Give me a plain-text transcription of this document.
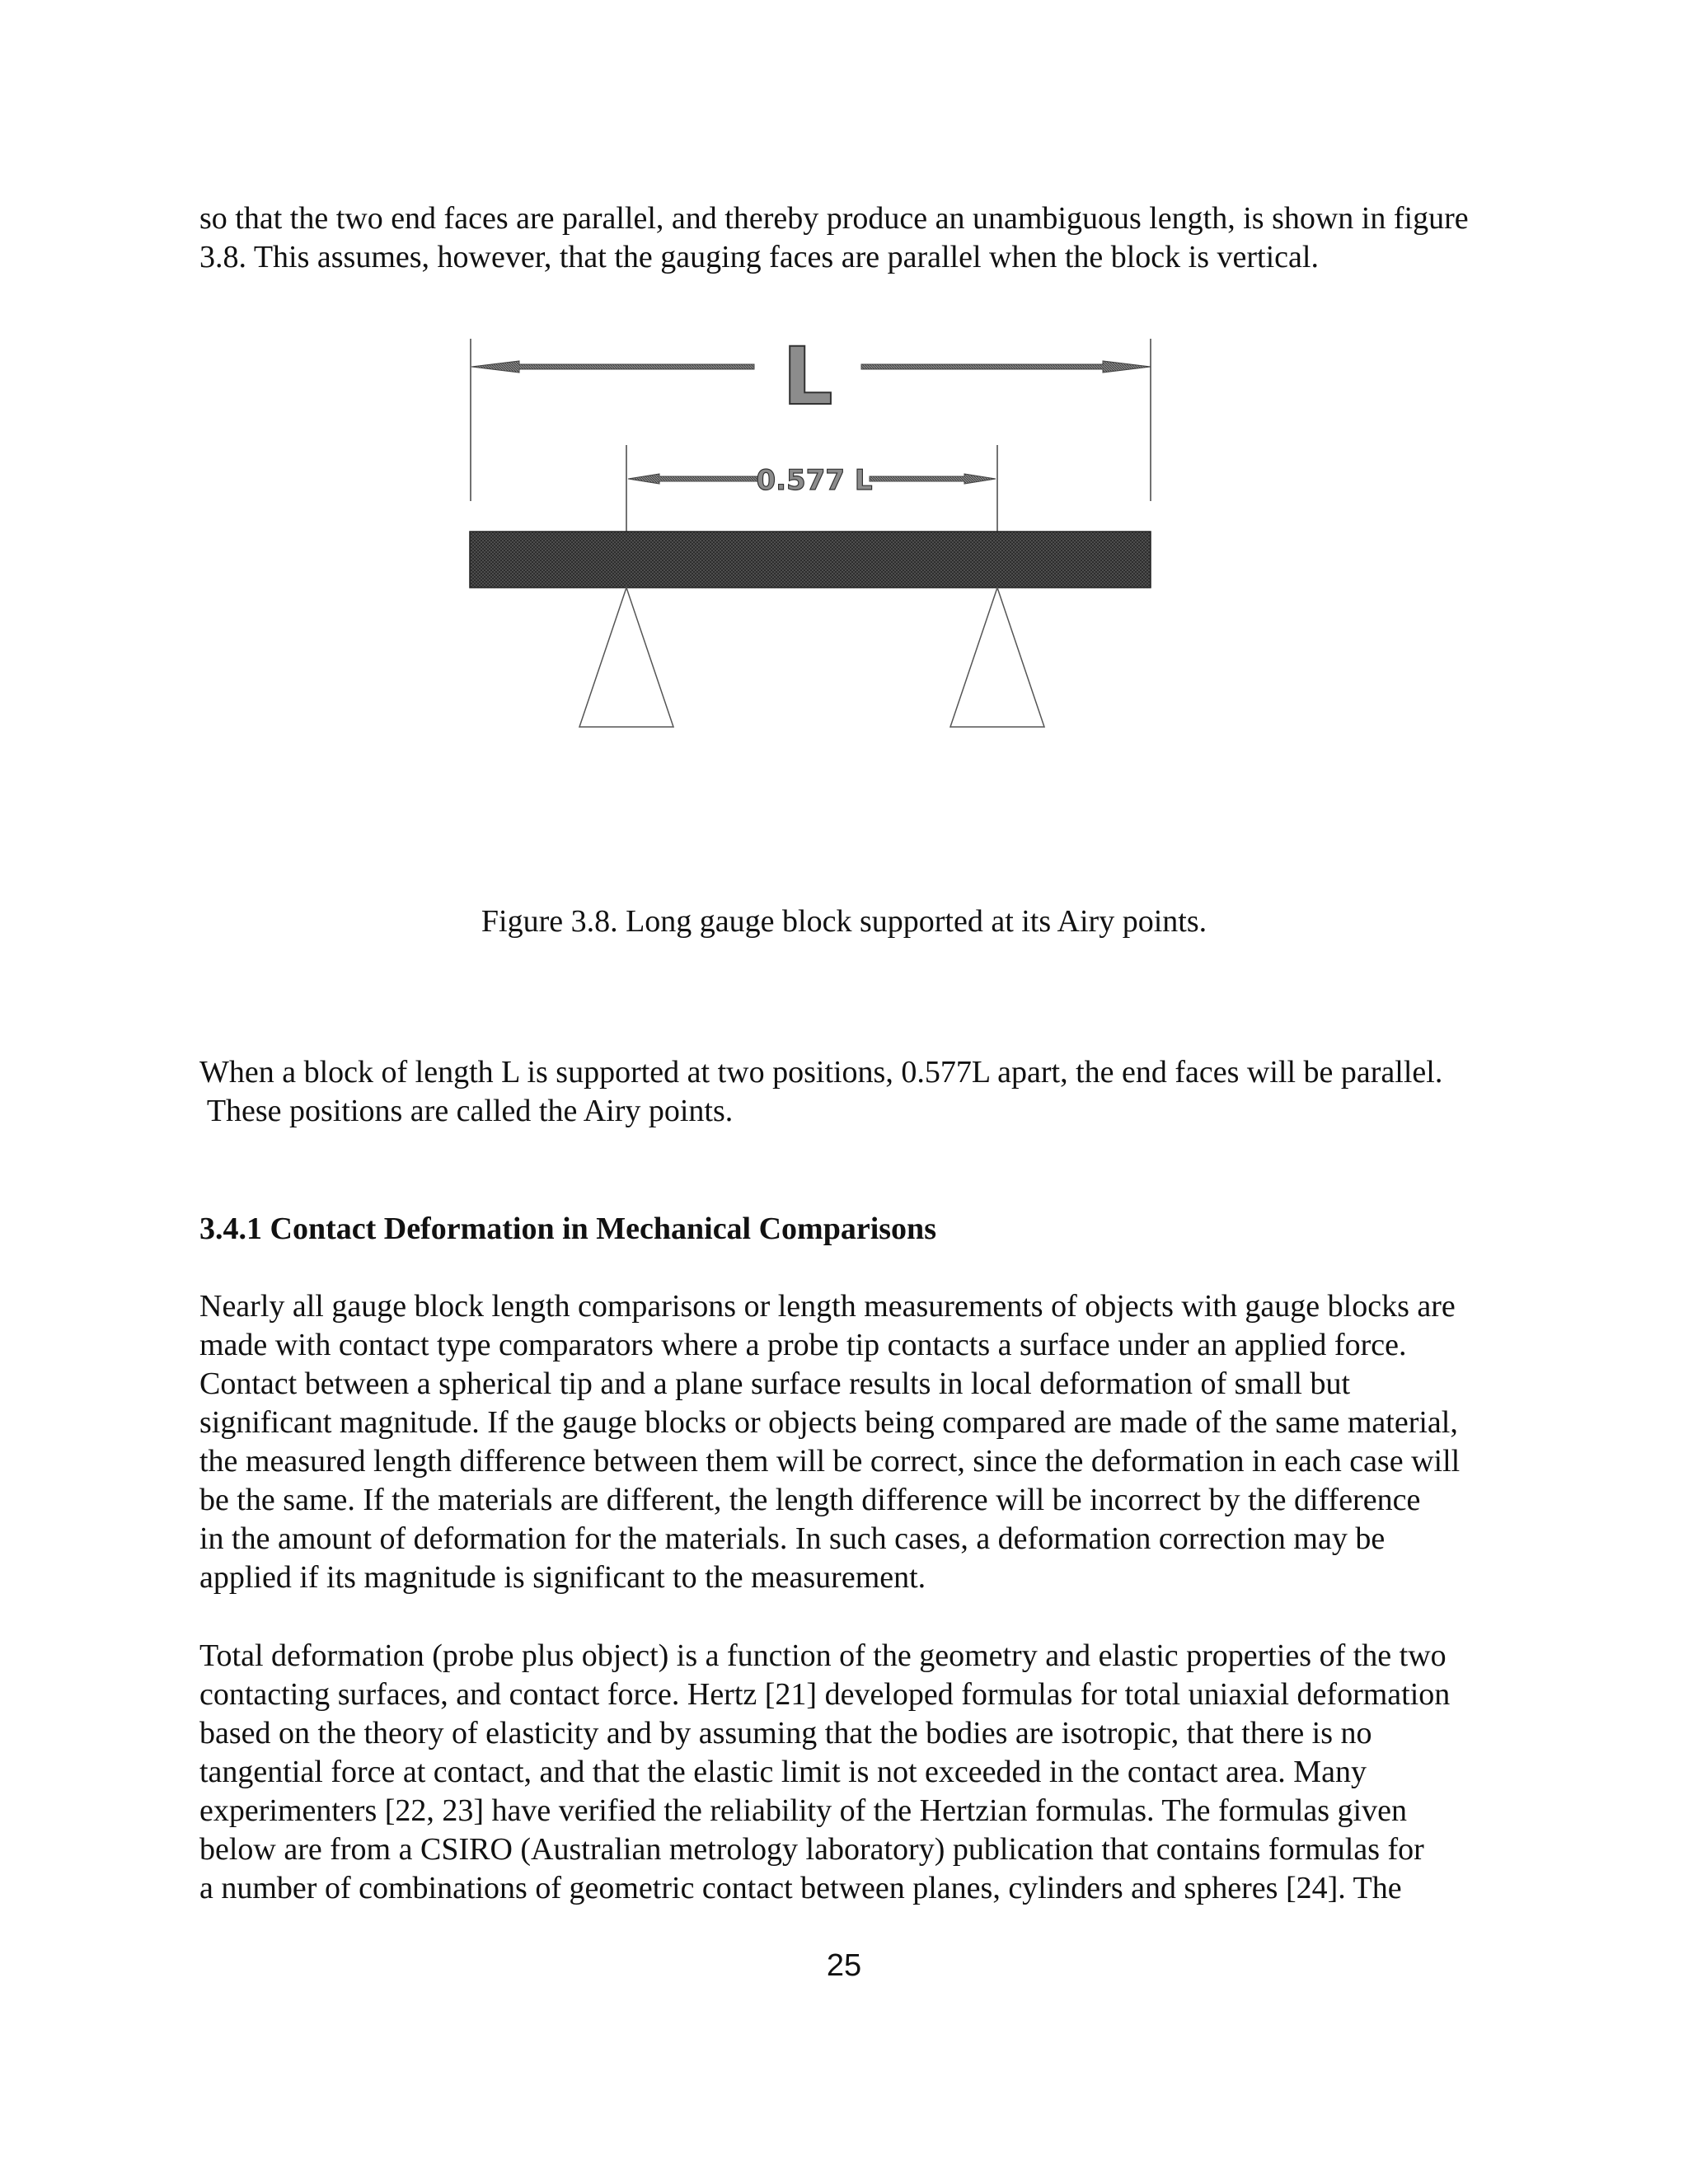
so that the two end faces are parallel, and thereby produce an unambiguous length, is shown in figure
3.8. This assumes, however, that the gauging faces are parallel when the block is vertical.

L
0.577 L
Figure 3.8. Long gauge block supported at its Airy points.

When a block of length L is supported at two positions, 0.577L apart, the end faces will be parallel.
These positions are called the Airy points.

3.4.1 Contact Deformation in Mechanical Comparisons

Nearly all gauge block length comparisons or length measurements of objects with gauge blocks are
made with contact type comparators where a probe tip contacts a surface under an applied force.
Contact between a spherical tip and a plane surface results in local deformation of small but
significant magnitude. If the gauge blocks or objects being compared are made of the same material,
the measured length difference between them will be correct, since the deformation in each case will
be the same. If the materials are different, the length difference will be incorrect by the difference
in the amount of deformation for the materials. In such cases, a deformation correction may be
applied if its magnitude is significant to the measurement.

Total deformation (probe plus object) is a function of the geometry and elastic properties of the two
contacting surfaces, and contact force. Hertz [21] developed formulas for total uniaxial deformation
based on the theory of elasticity and by assuming that the bodies are isotropic, that there is no
tangential force at contact, and that the elastic limit is not exceeded in the contact area. Many
experimenters [22, 23] have verified the reliability of the Hertzian formulas. The formulas given
below are from a CSIRO (Australian metrology laboratory) publication that contains formulas for
a number of combinations of geometric contact between planes, cylinders and spheres [24]. The

25
